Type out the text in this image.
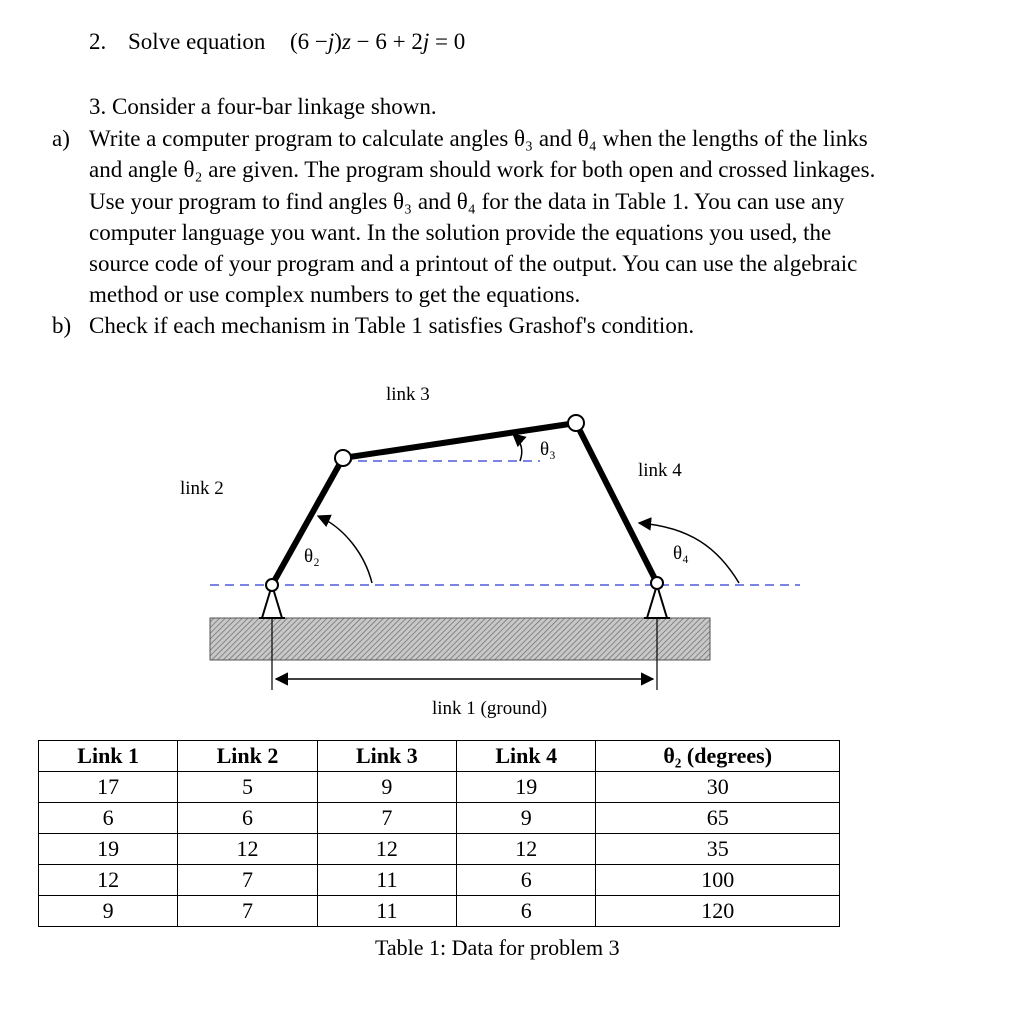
2. Solve equation (6 −j)z − 6 + 2j = 0
3. Consider a four-bar linkage shown.
a) Write a computer program to calculate angles θ₃ and θ₄ when the lengths of the links
and angle θ₂ are given. The program should work for both open and crossed linkages.
Use your program to find angles θ₃ and θ₄ for the data in Table 1. You can use any
computer language you want. In the solution provide the equations you used, the
source code of your program and a printout of the output. You can use the algebraic
method or use complex numbers to get the equations.
b) Check if each mechanism in Table 1 satisfies Grashof's condition.
link 3
link 2
link 4
θ₃
θ₂	θ₄
link 1 (ground)
Link 1	Link 2	Link 3	Link 4	θ₂ (degrees)
17	5	9	19	30
6	6	7	9	65
19	12	12	12	35
12	7	11	6	100
9	7	11	6	120
Table 1: Data for problem 3
